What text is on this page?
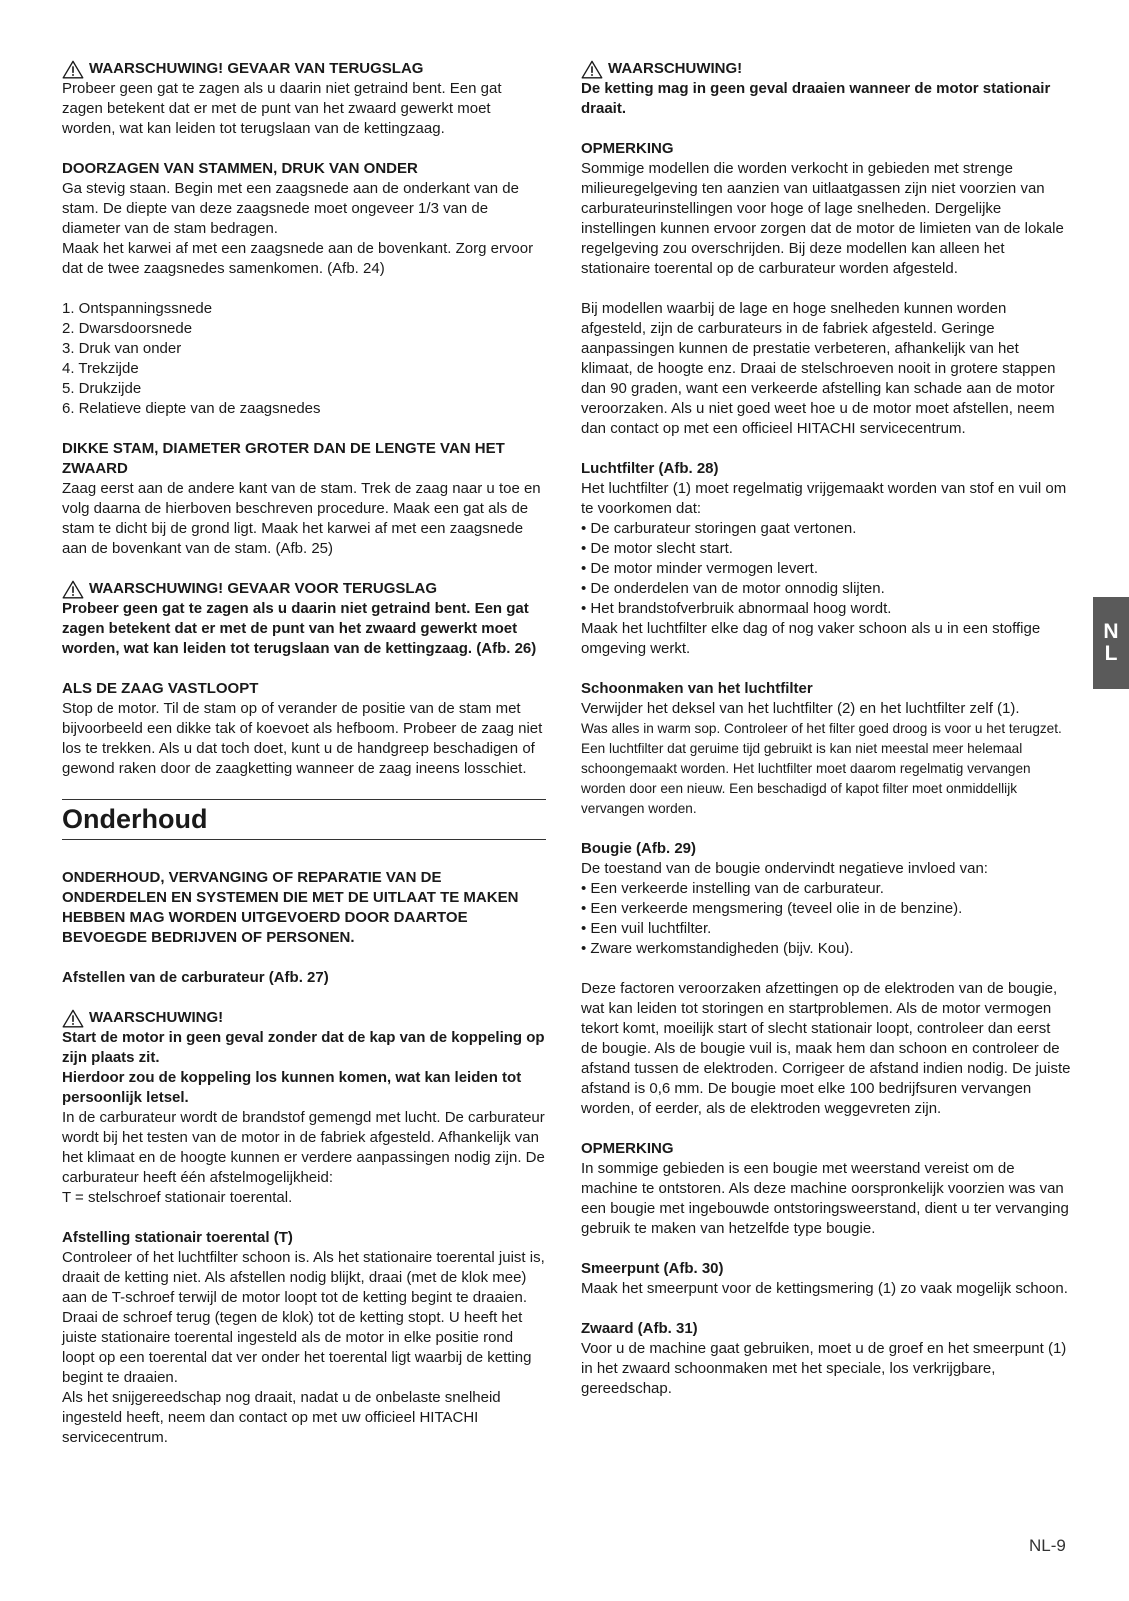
WAARSCHUWING! GEVAAR VAN TERUGSLAG

Probeer geen gat te zagen als u daarin niet getraind bent. Een gat zagen betekent dat er met de punt van het zwaard gewerkt moet worden, wat kan leiden tot terugslaan van de kettingzaag.

DOORZAGEN VAN STAMMEN, DRUK VAN ONDER

Ga stevig staan. Begin met een zaagsnede aan de onderkant van de stam. De diepte van deze zaagsnede moet ongeveer 1/3 van de diameter van de stam bedragen.

Maak het karwei af met een zaagsnede aan de bovenkant. Zorg ervoor dat de twee zaagsnedes samenkomen. (Afb. 24)

1. Ontspanningssnede
2. Dwarsdoorsnede
3. Druk van onder
4. Trekzijde
5. Drukzijde
6. Relatieve diepte van de zaagsnedes

DIKKE STAM, DIAMETER GROTER DAN DE LENGTE VAN HET ZWAARD

Zaag eerst aan de andere kant van de stam. Trek de zaag naar u toe en volg daarna de hierboven beschreven procedure. Maak een gat als de stam te dicht bij de grond ligt. Maak het karwei af met een zaagsnede aan de bovenkant van de stam. (Afb. 25)

WAARSCHUWING! GEVAAR VOOR TERUGSLAG

Probeer geen gat te zagen als u daarin niet getraind bent. Een gat zagen betekent dat er met de punt van het zwaard gewerkt moet worden, wat kan leiden tot terugslaan van de kettingzaag. (Afb. 26)

ALS DE ZAAG VASTLOOPT

Stop de motor. Til de stam op of verander de positie van de stam met bijvoorbeeld een dikke tak of koevoet als hefboom. Probeer de zaag niet los te trekken. Als u dat toch doet, kunt u de handgreep beschadigen of gewond raken door de zaagketting wanneer de zaag ineens losschiet.

Onderhoud

ONDERHOUD, VERVANGING OF REPARATIE VAN DE ONDERDELEN EN SYSTEMEN DIE MET DE UITLAAT TE MAKEN HEBBEN MAG WORDEN UITGEVOERD DOOR DAARTOE BEVOEGDE BEDRIJVEN OF PERSONEN.

Afstellen van de carburateur (Afb. 27)

WAARSCHUWING!

Start de motor in geen geval zonder dat de kap van de koppeling op zijn plaats zit.

Hierdoor zou de koppeling los kunnen komen, wat kan leiden tot persoonlijk letsel.

In de carburateur wordt de brandstof gemengd met lucht. De carburateur wordt bij het testen van de motor in de fabriek afgesteld. Afhankelijk van het klimaat en de hoogte kunnen er verdere aanpassingen nodig zijn. De carburateur heeft één afstelmogelijkheid:

T = stelschroef stationair toerental.

Afstelling stationair toerental (T)

Controleer of het luchtfilter schoon is. Als het stationaire toerental juist is, draait de ketting niet. Als afstellen nodig blijkt, draai (met de klok mee) aan de T-schroef terwijl de motor loopt tot de ketting begint te draaien. Draai de schroef terug (tegen de klok) tot de ketting stopt. U heeft het juiste stationaire toerental ingesteld als de motor in elke positie rond loopt op een toerental dat ver onder het toerental ligt waarbij de ketting begint te draaien.

Als het snijgereedschap nog draait, nadat u de onbelaste snelheid ingesteld heeft, neem dan contact op met uw officieel HITACHI servicecentrum.

WAARSCHUWING!

De ketting mag in geen geval draaien wanneer de motor stationair draait.

OPMERKING

Sommige modellen die worden verkocht in gebieden met strenge milieuregelgeving ten aanzien van uitlaatgassen zijn niet voorzien van carburateurinstellingen voor hoge of lage snelheden. Dergelijke instellingen kunnen ervoor zorgen dat de motor de limieten van de lokale regelgeving zou overschrijden. Bij deze modellen kan alleen het stationaire toerental op de carburateur worden afgesteld.

Bij modellen waarbij de lage en hoge snelheden kunnen worden afgesteld, zijn de carburateurs in de fabriek afgesteld. Geringe aanpassingen kunnen de prestatie verbeteren, afhankelijk van het klimaat, de hoogte enz. Draai de stelschroeven nooit in grotere stappen dan 90 graden, want een verkeerde afstelling kan schade aan de motor veroorzaken. Als u niet goed weet hoe u de motor moet afstellen, neem dan contact op met een officieel HITACHI servicecentrum.

Luchtfilter (Afb. 28)

Het luchtfilter (1) moet regelmatig vrijgemaakt worden van stof en vuil om te voorkomen dat:

• De carburateur storingen gaat vertonen.

• De motor slecht start.

• De motor minder vermogen levert.

• De onderdelen van de motor onnodig slijten.

• Het brandstofverbruik abnormaal hoog wordt.

Maak het luchtfilter elke dag of nog vaker schoon als u in een stoffige omgeving werkt.

Schoonmaken van het luchtfilter

Verwijder het deksel van het luchtfilter (2) en het luchtfilter zelf (1).

Was alles in warm sop. Controleer of het filter goed droog is voor u het terugzet. Een luchtfilter dat geruime tijd gebruikt is kan niet meestal meer helemaal schoongemaakt worden. Het luchtfilter moet daarom regelmatig vervangen worden door een nieuw. Een beschadigd of kapot filter moet onmiddellijk vervangen worden.

Bougie (Afb. 29)

De toestand van de bougie ondervindt negatieve invloed van:

• Een verkeerde instelling van de carburateur.

• Een verkeerde mengsmering (teveel olie in de benzine).

• Een vuil luchtfilter.

• Zware werkomstandigheden (bijv. Kou).

Deze factoren veroorzaken afzettingen op de elektroden van de bougie, wat kan leiden tot storingen en startproblemen. Als de motor vermogen tekort komt, moeilijk start of slecht stationair loopt, controleer dan eerst de bougie. Als de bougie vuil is, maak hem dan schoon en controleer de afstand tussen de elektroden. Corrigeer de afstand indien nodig. De juiste afstand is 0,6 mm. De bougie moet elke 100 bedrijfsuren vervangen worden, of eerder, als de elektroden weggevreten zijn.

OPMERKING

In sommige gebieden is een bougie met weerstand vereist om de machine te ontstoren. Als deze machine oorspronkelijk voorzien was van een bougie met ingebouwde ontstoringsweerstand, dient u ter vervanging gebruik te maken van hetzelfde type bougie.

Smeerpunt (Afb. 30)

Maak het smeerpunt voor de kettingsmering (1) zo vaak mogelijk schoon.

Zwaard (Afb. 31)

Voor u de machine gaat gebruiken, moet u de groef en het smeerpunt (1) in het zwaard schoonmaken met het speciale, los verkrijgbare, gereedschap.

N
L
NL-9
